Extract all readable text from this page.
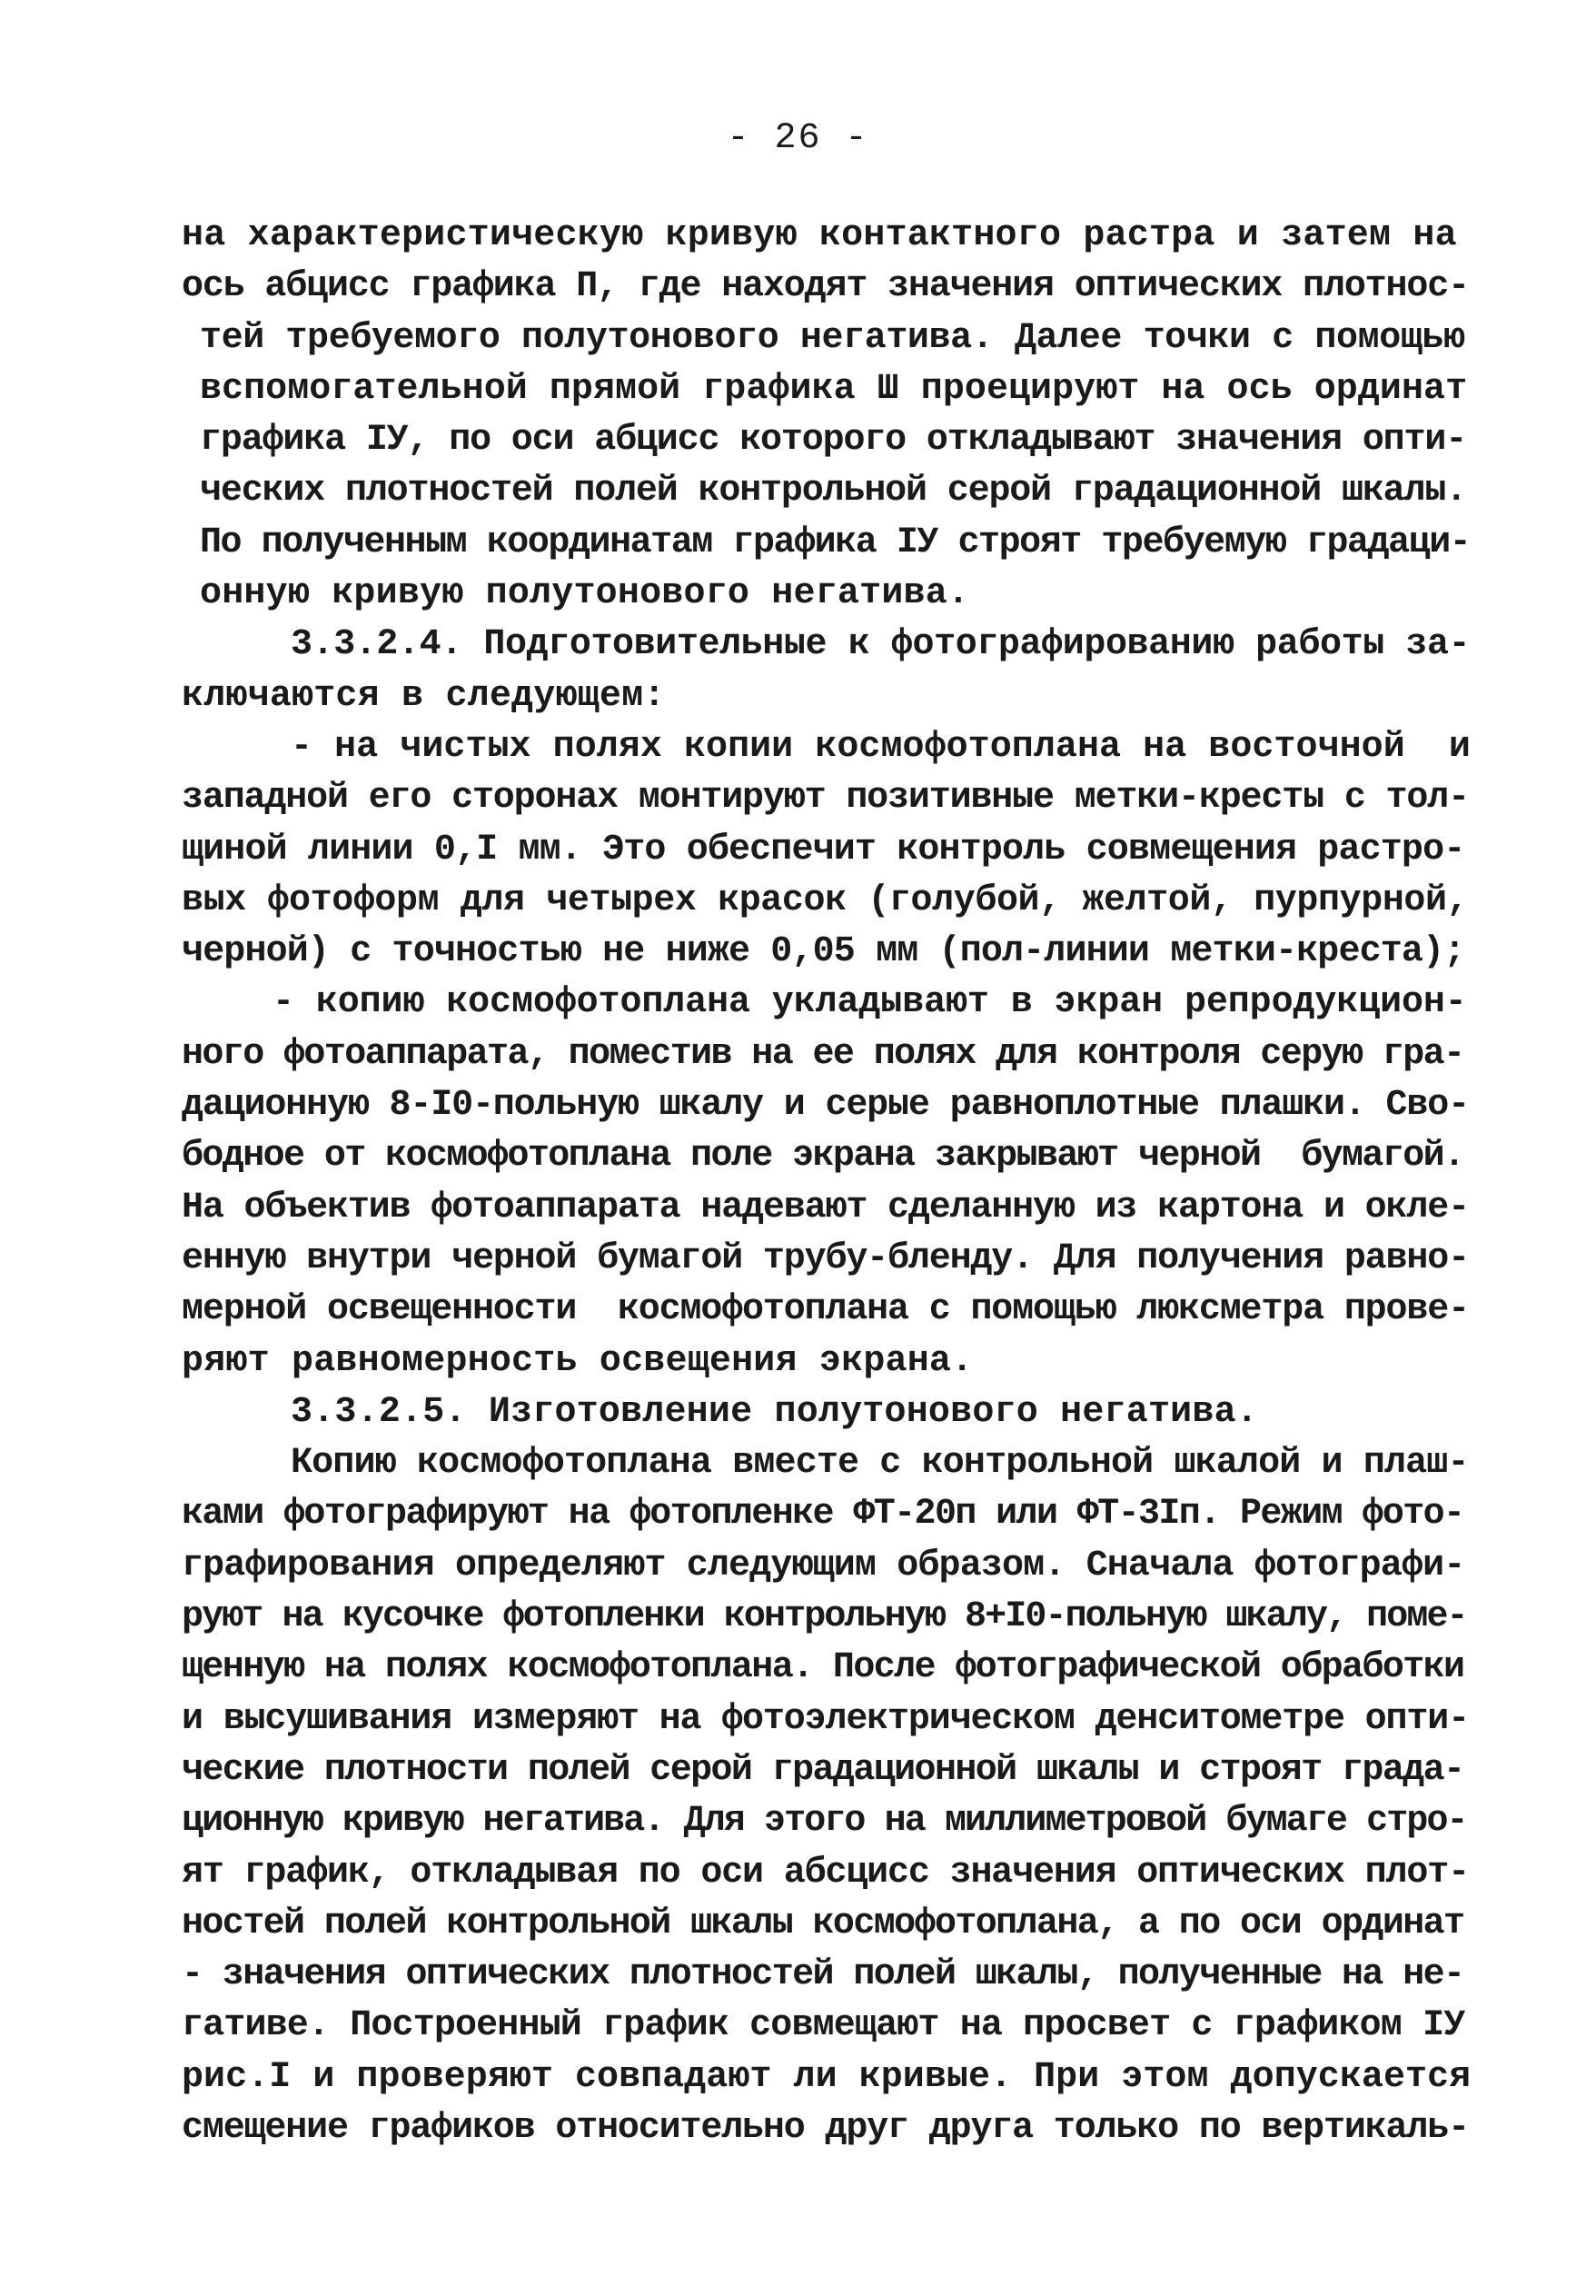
- 26 -
на характеристическую кривую контактного растра и затем на
ось абцисс графика П, где находят значения оптических плотнос-
тей требуемого полутонового негатива. Далее точки с помощью
вспомогательной прямой графика Ш проецируют на ось ординат
графика IУ, по оси абцисс которого откладывают значения опти-
ческих плотностей полей контрольной серой градационной шкалы.
По полученным координатам графика IУ строят требуемую градаци-
онную кривую полутонового негатива.
3.3.2.4. Подготовительные к фотографированию работы за-
ключаются в следующем:
- на чистых полях копии космофотоплана на восточной  и
западной его сторонах монтируют позитивные метки-кресты с тол-
щиной линии 0,I мм. Это обеспечит контроль совмещения растро-
вых фотоформ для четырех красок (голубой, желтой, пурпурной,
черной) с точностью не ниже 0,05 мм (пол-линии метки-креста);
- копию космофотоплана укладывают в экран репродукцион-
ного фотоаппарата, поместив на ее полях для контроля серую гра-
дационную 8-I0-польную шкалу и серые равноплотные плашки. Сво-
бодное от космофотоплана поле экрана закрывают черной  бумагой.
На объектив фотоаппарата надевают сделанную из картона и окле-
енную внутри черной бумагой трубу-бленду. Для получения равно-
мерной освещенности  космофотоплана с помощью люксметра прове-
ряют равномерность освещения экрана.
3.3.2.5. Изготовление полутонового негатива.
Копию космофотоплана вместе с контрольной шкалой и плаш-
ками фотографируют на фотопленке ФТ-20п или ФТ-3Iп. Режим фото-
графирования определяют следующим образом. Сначала фотографи-
руют на кусочке фотопленки контрольную 8+I0-польную шкалу, поме-
щенную на полях космофотоплана. После фотографической обработки
и высушивания измеряют на фотоэлектрическом денситометре опти-
ческие плотности полей серой градационной шкалы и строят града-
ционную кривую негатива. Для этого на миллиметровой бумаге стро-
ят график, откладывая по оси абсцисс значения оптических плот-
ностей полей контрольной шкалы космофотоплана, а по оси ординат
- значения оптических плотностей полей шкалы, полученные на не-
гативе. Построенный график совмещают на просвет с графиком IУ
рис.I и проверяют совпадают ли кривые. При этом допускается
смещение графиков относительно друг друга только по вертикаль-
